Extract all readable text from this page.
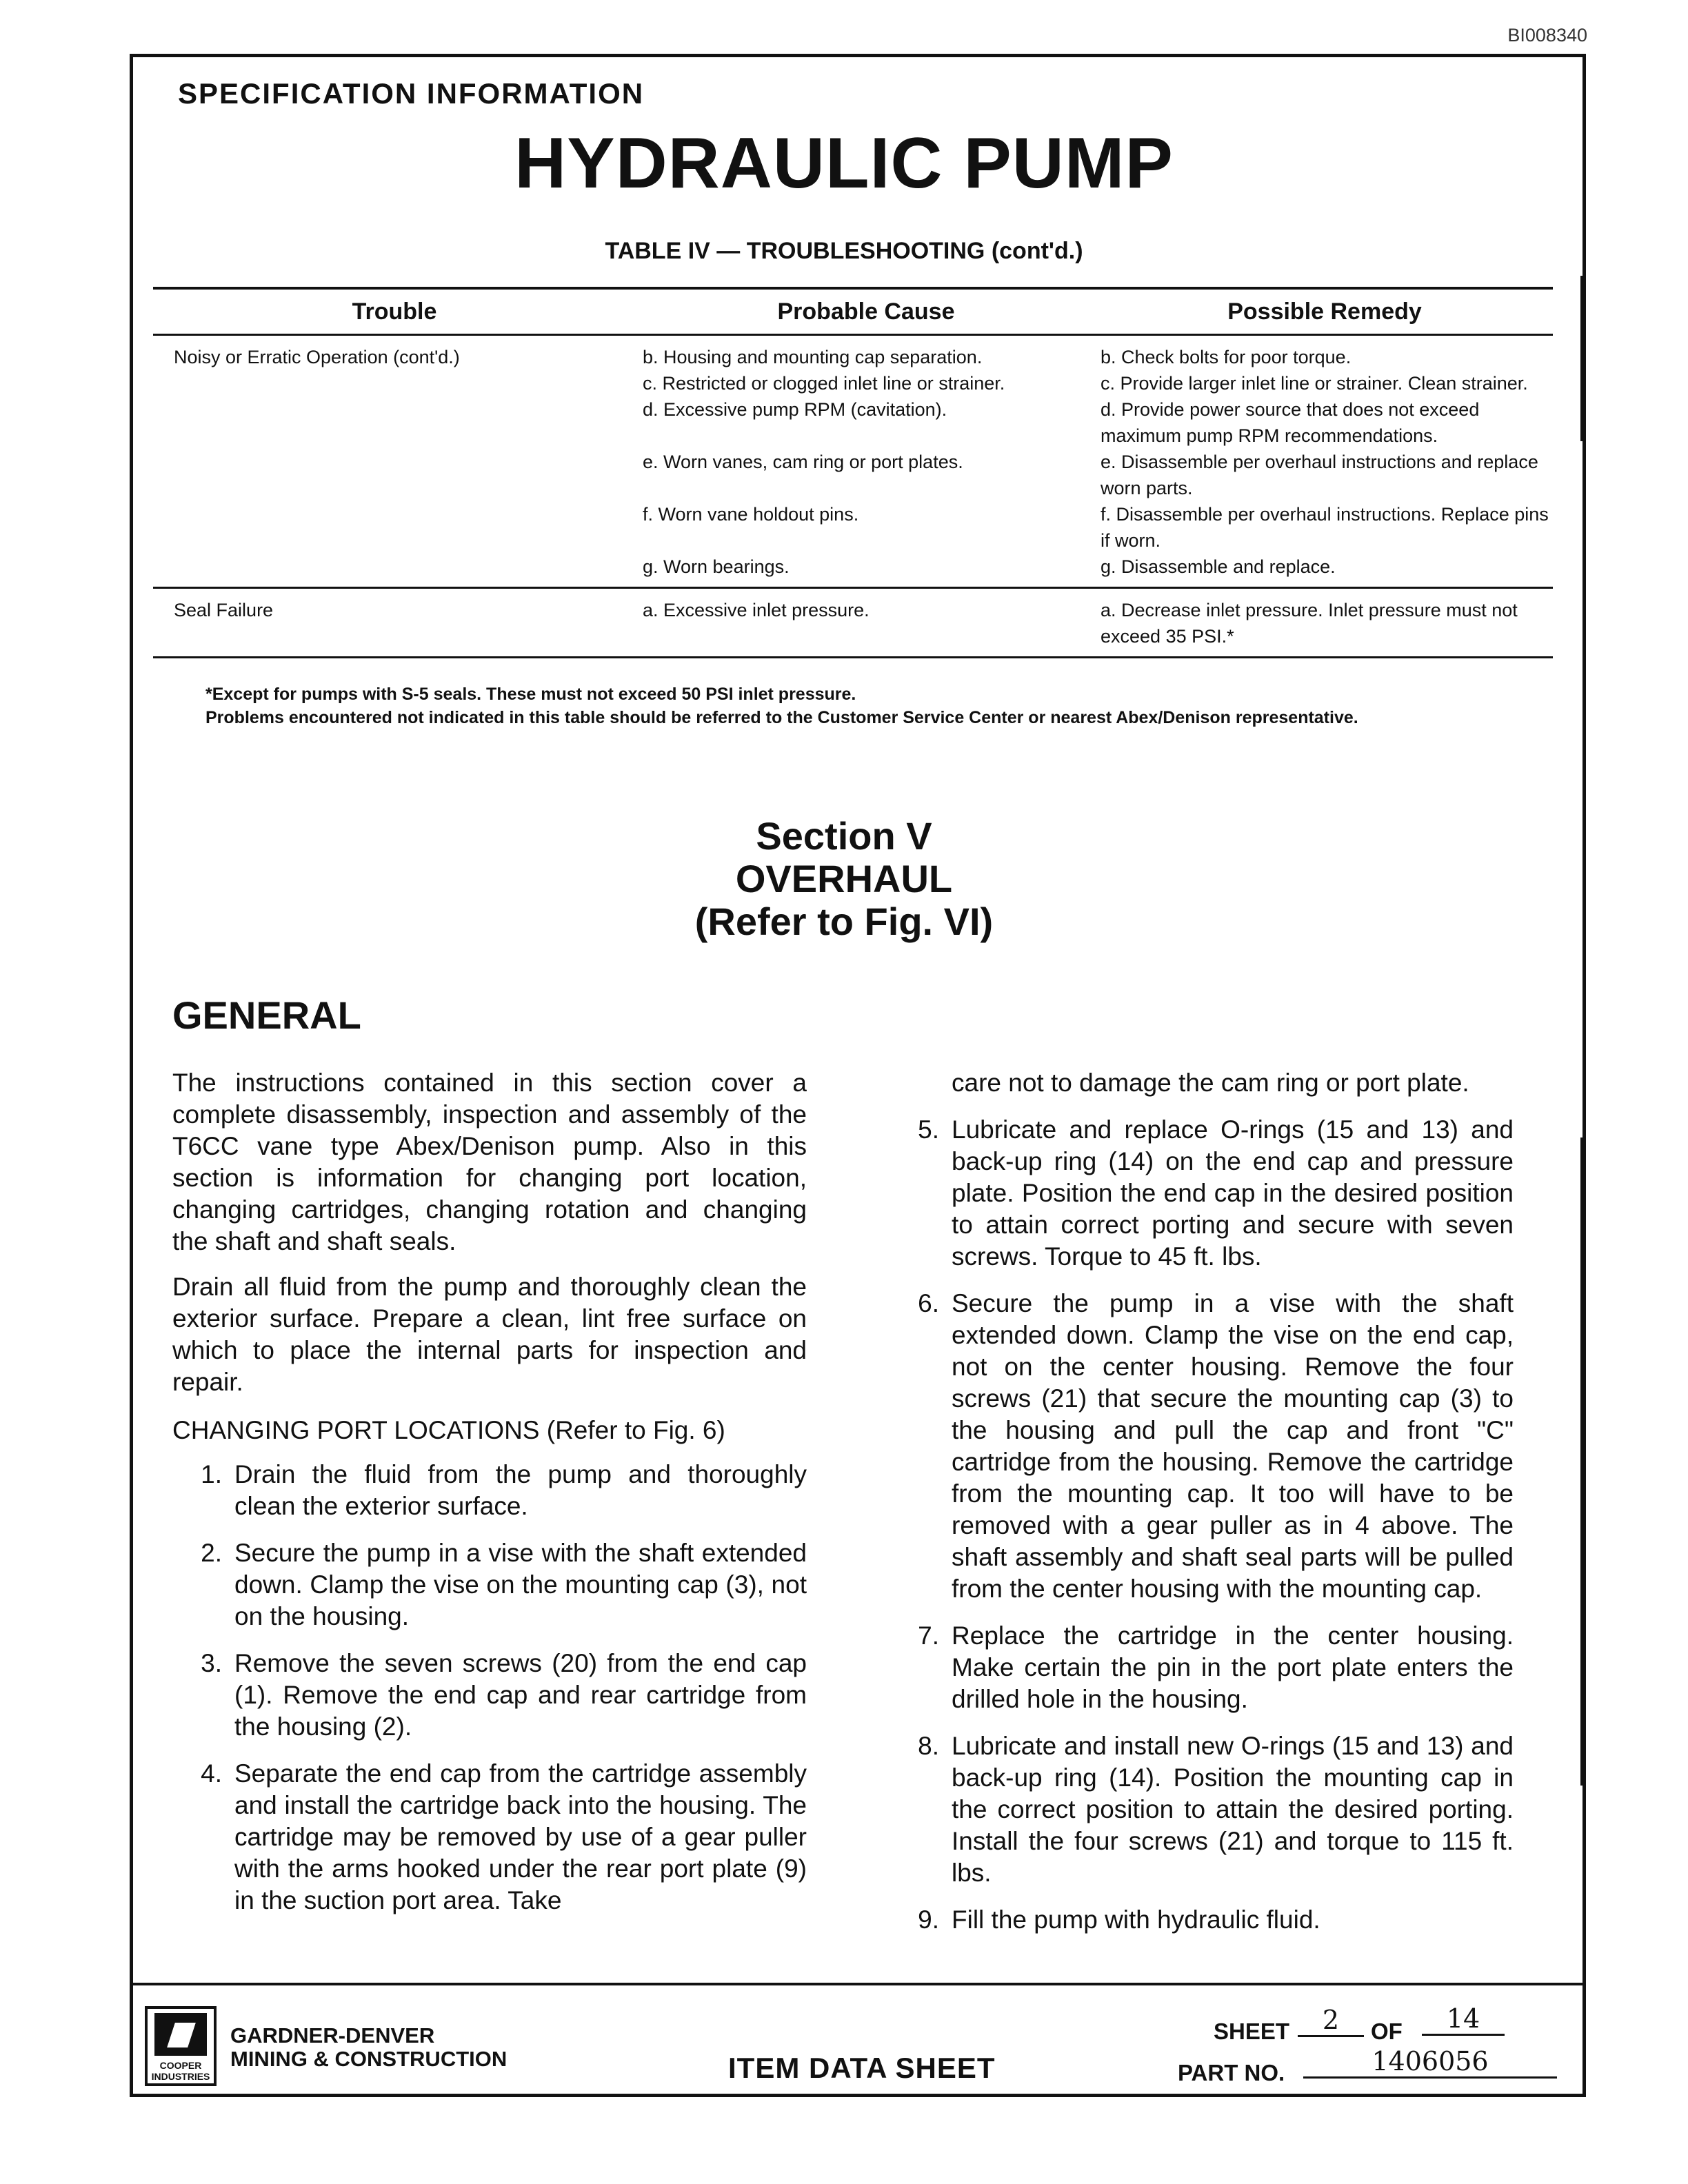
BI008340
SPECIFICATION INFORMATION
HYDRAULIC PUMP
TABLE IV — TROUBLESHOOTING (cont'd.)
Trouble	Probable Cause	Possible Remedy
Noisy or Erratic Operation (cont'd.)	b. Housing and mounting cap separation.	b. Check bolts for poor torque.
c. Restricted or clogged inlet line or strainer.	c. Provide larger inlet line or strainer. Clean strainer.
d. Excessive pump RPM (cavitation).	d. Provide power source that does not exceed maximum pump RPM recommendations.
e. Worn vanes, cam ring or port plates.	e. Disassemble per overhaul instructions and replace worn parts.
f. Worn vane holdout pins.	f. Disassemble per overhaul instructions. Replace pins if worn.
g. Worn bearings.	g. Disassemble and replace.
Seal Failure	a. Excessive inlet pressure.	a. Decrease inlet pressure. Inlet pressure must not exceed 35 PSI.*
*Except for pumps with S-5 seals. These must not exceed 50 PSI inlet pressure.
Problems encountered not indicated in this table should be referred to the Customer Service Center or nearest Abex/Denison representative.
Section V
OVERHAUL
(Refer to Fig. VI)
GENERAL

The instructions contained in this section cover a complete disassembly, inspection and assembly of the T6CC vane type Abex/Denison pump. Also in this section is information for changing port location, changing cartridges, changing rotation and changing the shaft and shaft seals.

Drain all fluid from the pump and thoroughly clean the exterior surface. Prepare a clean, lint free surface on which to place the internal parts for inspection and repair.

CHANGING PORT LOCATIONS (Refer to Fig. 6)
1. Drain the fluid from the pump and thoroughly clean the exterior surface.
2. Secure the pump in a vise with the shaft extended down. Clamp the vise on the mounting cap (3), not on the housing.
3. Remove the seven screws (20) from the end cap (1). Remove the end cap and rear cartridge from the housing (2).
4. Separate the end cap from the cartridge assembly and install the cartridge back into the housing. The cartridge may be removed by use of a gear puller with the arms hooked under the rear port plate (9) in the suction port area. Take
care not to damage the cam ring or port plate.
5. Lubricate and replace O-rings (15 and 13) and back-up ring (14) on the end cap and pressure plate. Position the end cap in the desired position to attain correct porting and secure with seven screws. Torque to 45 ft. lbs.
6. Secure the pump in a vise with the shaft extended down. Clamp the vise on the end cap, not on the center housing. Remove the four screws (21) that secure the mounting cap (3) to the housing and pull the cap and front "C" cartridge from the housing. Remove the cartridge from the mounting cap. It too will have to be removed with a gear puller as in 4 above. The shaft assembly and shaft seal parts will be pulled from the center housing with the mounting cap.
7. Replace the cartridge in the center housing. Make certain the pin in the port plate enters the drilled hole in the housing.
8. Lubricate and install new O-rings (15 and 13) and back-up ring (14). Position the mounting cap in the correct position to attain the desired porting. Install the four screws (21) and torque to 115 ft. lbs.
9. Fill the pump with hydraulic fluid.
COOPER INDUSTRIES
GARDNER-DENVER
MINING & CONSTRUCTION	ITEM DATA SHEET
SHEET	2	OF	14
PART NO.	1406056
